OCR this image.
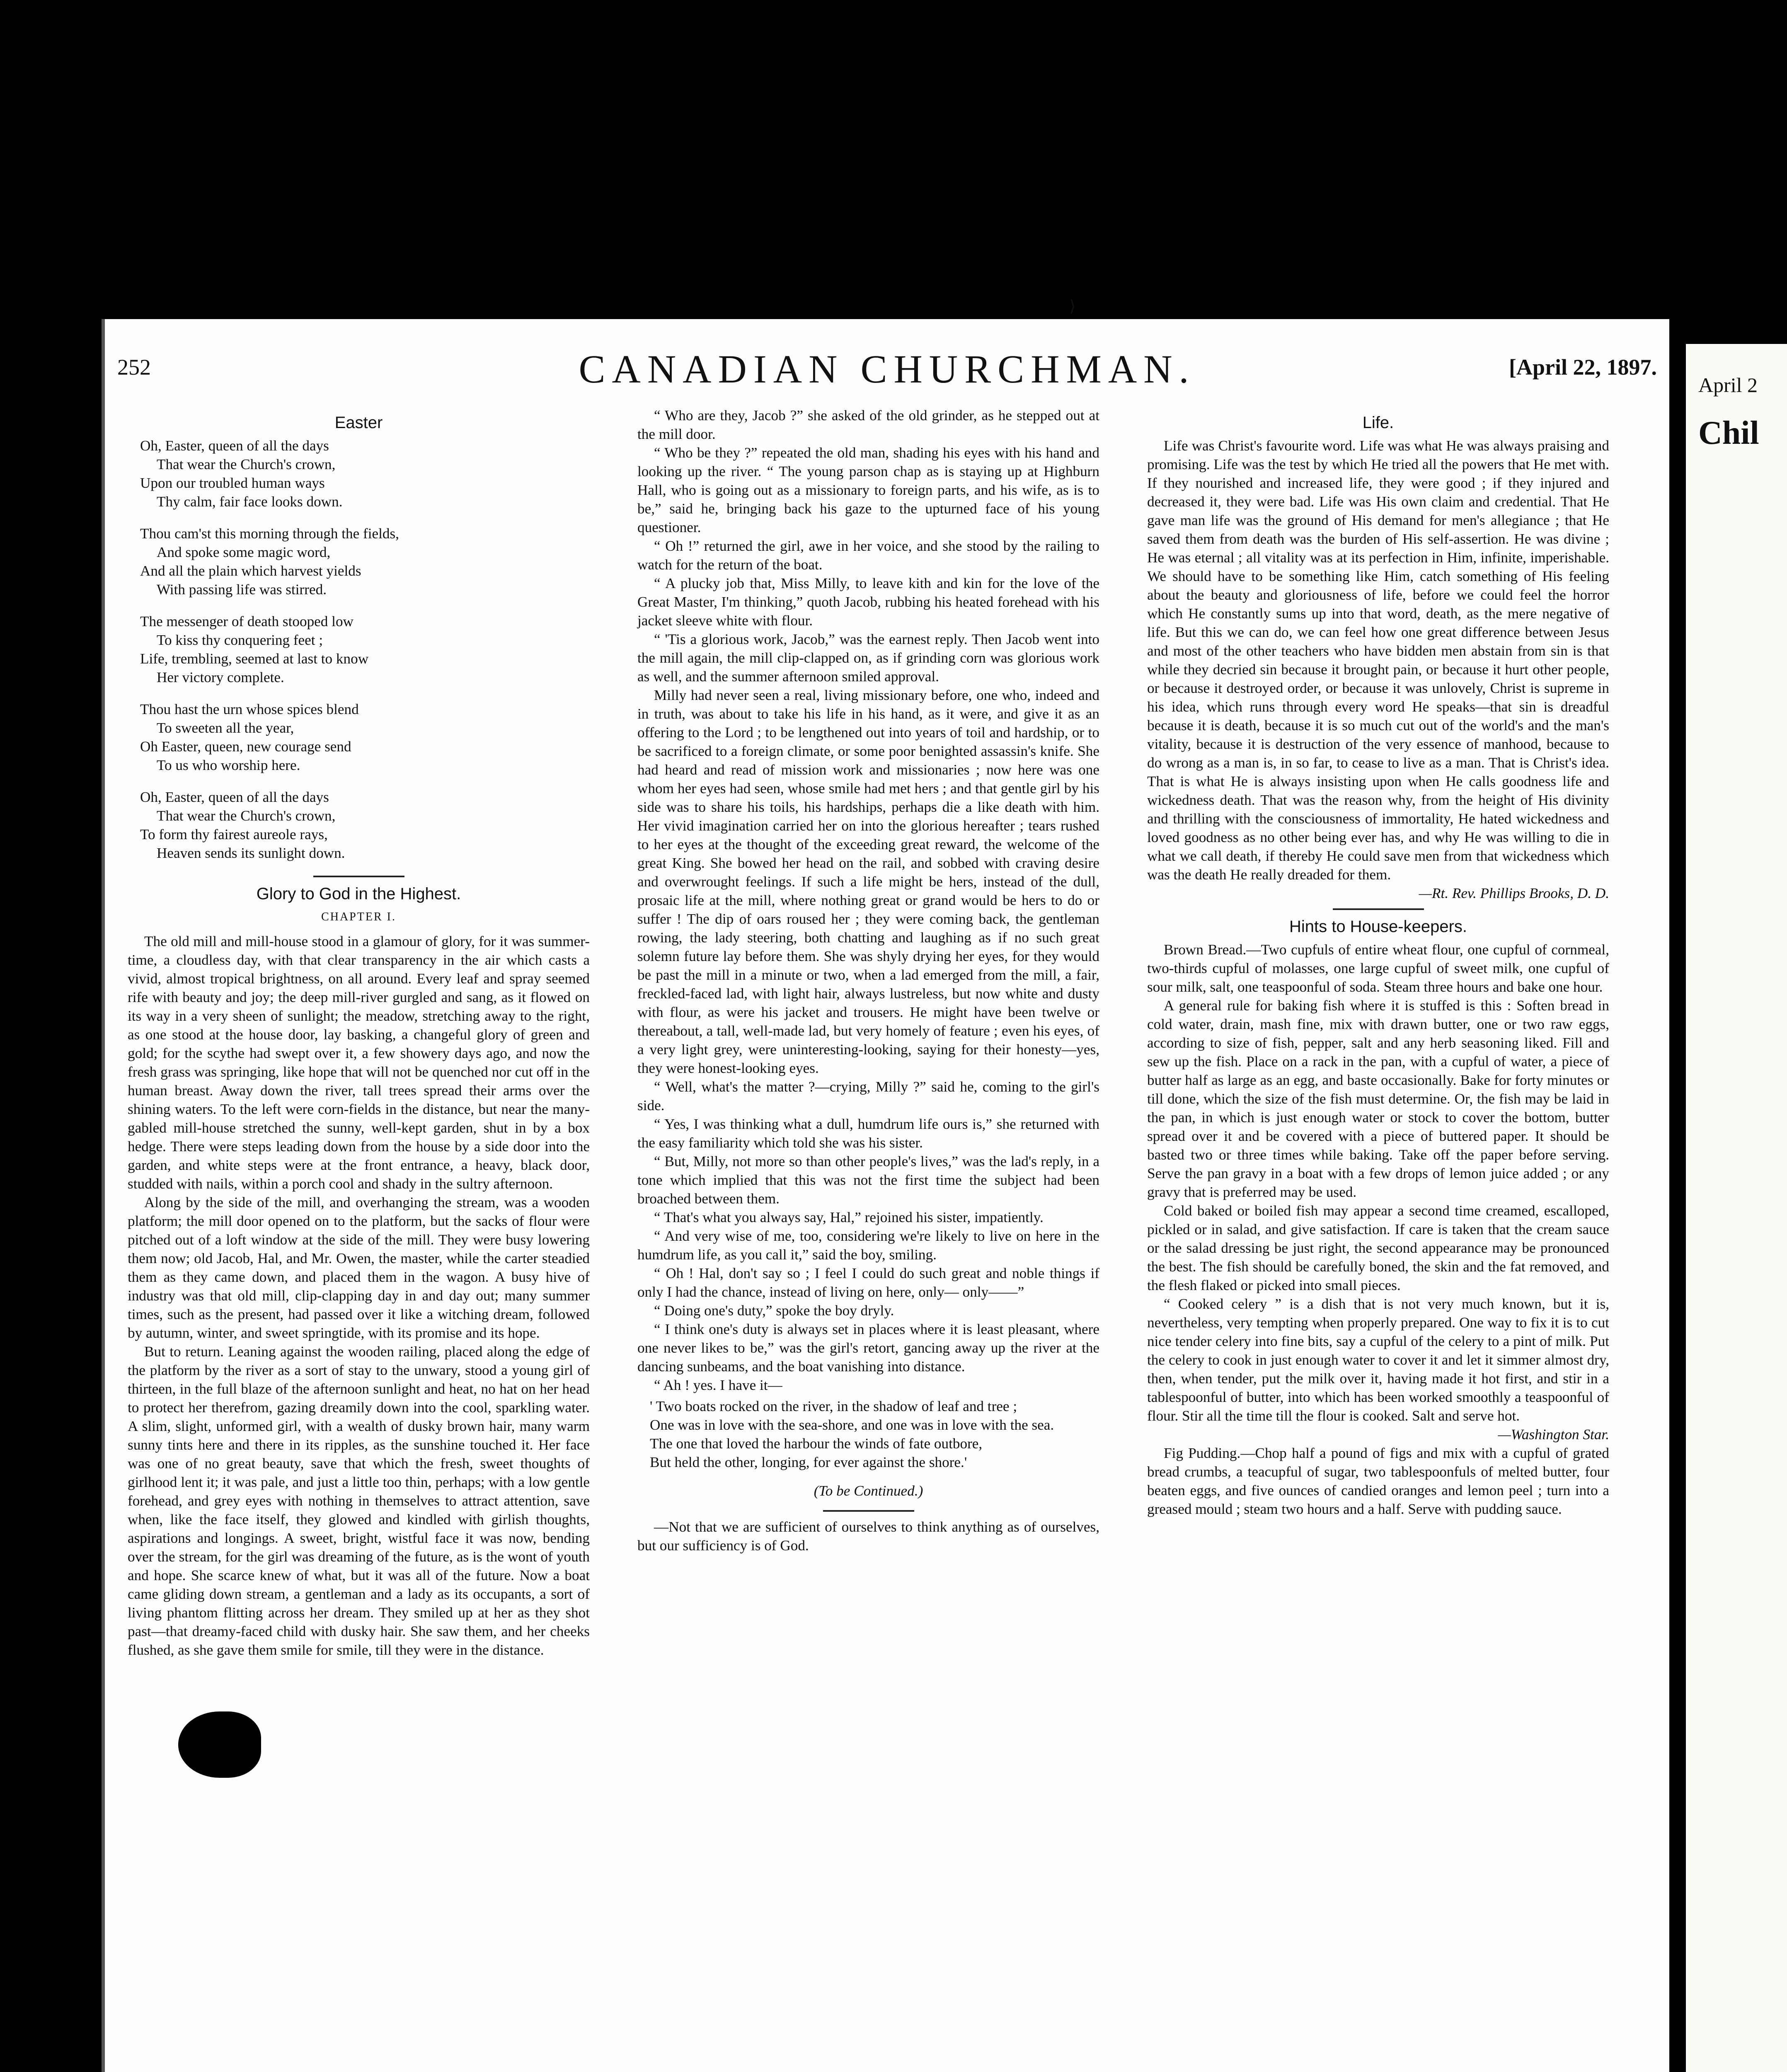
⟩
252	CANADIAN CHURCHMAN.	[April 22, 1897.
Easter
Oh, Easter, queen of all the days
That wear the Church's crown,
Upon our troubled human ways
Thy calm, fair face looks down.
Thou cam'st this morning through the fields,
And spoke some magic word,
And all the plain which harvest yields
With passing life was stirred.
The messenger of death stooped low
To kiss thy conquering feet ;
Life, trembling, seemed at last to know
Her victory complete.
Thou hast the urn whose spices blend
To sweeten all the year,
Oh Easter, queen, new courage send
To us who worship here.
Oh, Easter, queen of all the days
That wear the Church's crown,
To form thy fairest aureole rays,
Heaven sends its sunlight down.
Glory to God in the Highest.
CHAPTER I.

The old mill and mill-house stood in a glamour of glory, for it was summer-time, a cloudless day, with that clear transparency in the air which casts a vivid, almost tropical brightness, on all around. Every leaf and spray seemed rife with beauty and joy; the deep mill-river gurgled and sang, as it flowed on its way in a very sheen of sunlight; the meadow, stretching away to the right, as one stood at the house door, lay basking, a changeful glory of green and gold; for the scythe had swept over it, a few showery days ago, and now the fresh grass was springing, like hope that will not be quenched nor cut off in the human breast. Away down the river, tall trees spread their arms over the shining waters. To the left were corn-fields in the distance, but near the many-gabled mill-house stretched the sunny, well-kept garden, shut in by a box hedge. There were steps leading down from the house by a side door into the garden, and white steps were at the front entrance, a heavy, black door, studded with nails, within a porch cool and shady in the sultry afternoon.

Along by the side of the mill, and overhanging the stream, was a wooden platform; the mill door opened on to the platform, but the sacks of flour were pitched out of a loft window at the side of the mill. They were busy lowering them now; old Jacob, Hal, and Mr. Owen, the master, while the carter steadied them as they came down, and placed them in the wagon. A busy hive of industry was that old mill, clip-clapping day in and day out; many summer times, such as the present, had passed over it like a witching dream, followed by autumn, winter, and sweet springtide, with its promise and its hope.

But to return. Leaning against the wooden railing, placed along the edge of the platform by the river as a sort of stay to the unwary, stood a young girl of thirteen, in the full blaze of the afternoon sunlight and heat, no hat on her head to protect her therefrom, gazing dreamily down into the cool, sparkling water. A slim, slight, unformed girl, with a wealth of dusky brown hair, many warm sunny tints here and there in its ripples, as the sunshine touched it. Her face was one of no great beauty, save that which the fresh, sweet thoughts of girlhood lent it; it was pale, and just a little too thin, perhaps; with a low gentle forehead, and grey eyes with nothing in themselves to attract attention, save when, like the face itself, they glowed and kindled with girlish thoughts, aspirations and longings. A sweet, bright, wistful face it was now, bending over the stream, for the girl was dreaming of the future, as is the wont of youth and hope. She scarce knew of what, but it was all of the future. Now a boat came gliding down stream, a gentleman and a lady as its occupants, a sort of living phantom flitting across her dream. They smiled up at her as they shot past—that dreamy-faced child with dusky hair. She saw them, and her cheeks flushed, as she gave them smile for smile, till they were in the distance.

“ Who are they, Jacob ?” she asked of the old grinder, as he stepped out at the mill door.

“ Who be they ?” repeated the old man, shading his eyes with his hand and looking up the river. “ The young parson chap as is staying up at Highburn Hall, who is going out as a missionary to foreign parts, and his wife, as is to be,” said he, bringing back his gaze to the upturned face of his young questioner.

“ Oh !” returned the girl, awe in her voice, and she stood by the railing to watch for the return of the boat.

“ A plucky job that, Miss Milly, to leave kith and kin for the love of the Great Master, I'm thinking,” quoth Jacob, rubbing his heated forehead with his jacket sleeve white with flour.

“ 'Tis a glorious work, Jacob,” was the earnest reply. Then Jacob went into the mill again, the mill clip-clapped on, as if grinding corn was glorious work as well, and the summer afternoon smiled approval.

Milly had never seen a real, living missionary before, one who, indeed and in truth, was about to take his life in his hand, as it were, and give it as an offering to the Lord ; to be lengthened out into years of toil and hardship, or to be sacrificed to a foreign climate, or some poor benighted assassin's knife. She had heard and read of mission work and missionaries ; now here was one whom her eyes had seen, whose smile had met hers ; and that gentle girl by his side was to share his toils, his hardships, perhaps die a like death with him. Her vivid imagination carried her on into the glorious hereafter ; tears rushed to her eyes at the thought of the exceeding great reward, the welcome of the great King. She bowed her head on the rail, and sobbed with craving desire and overwrought feelings. If such a life might be hers, instead of the dull, prosaic life at the mill, where nothing great or grand would be hers to do or suffer ! The dip of oars roused her ; they were coming back, the gentleman rowing, the lady steering, both chatting and laughing as if no such great solemn future lay before them. She was shyly drying her eyes, for they would be past the mill in a minute or two, when a lad emerged from the mill, a fair, freckled-faced lad, with light hair, always lustreless, but now white and dusty with flour, as were his jacket and trousers. He might have been twelve or thereabout, a tall, well-made lad, but very homely of feature ; even his eyes, of a very light grey, were uninteresting-looking, saying for their honesty—yes, they were honest-looking eyes.

“ Well, what's the matter ?—crying, Milly ?” said he, coming to the girl's side.

“ Yes, I was thinking what a dull, humdrum life ours is,” she returned with the easy familiarity which told she was his sister.

“ But, Milly, not more so than other people's lives,” was the lad's reply, in a tone which implied that this was not the first time the subject had been broached between them.

“ That's what you always say, Hal,” rejoined his sister, impatiently.

“ And very wise of me, too, considering we're likely to live on here in the humdrum life, as you call it,” said the boy, smiling.

“ Oh ! Hal, don't say so ; I feel I could do such great and noble things if only I had the chance, instead of living on here, only— only——”

“ Doing one's duty,” spoke the boy dryly.

“ I think one's duty is always set in places where it is least pleasant, where one never likes to be,” was the girl's retort, gancing away up the river at the dancing sunbeams, and the boat vanishing into distance.

“ Ah ! yes. I have it—

' Two boats rocked on the river, in the shadow of leaf and tree ;
One was in love with the sea-shore, and one was in love with the sea.
The one that loved the harbour the winds of fate outbore,
But held the other, longing, for ever against the shore.'
(To be Continued.)

—Not that we are sufficient of ourselves to think anything as of ourselves, but our sufficiency is of God.

Life.

Life was Christ's favourite word. Life was what He was always praising and promising. Life was the test by which He tried all the powers that He met with. If they nourished and increased life, they were good ; if they injured and decreased it, they were bad. Life was His own claim and credential. That He gave man life was the ground of His demand for men's allegiance ; that He saved them from death was the burden of His self-assertion. He was divine ; He was eternal ; all vitality was at its perfection in Him, infinite, imperishable. We should have to be something like Him, catch something of His feeling about the beauty and gloriousness of life, before we could feel the horror which He constantly sums up into that word, death, as the mere negative of life. But this we can do, we can feel how one great difference between Jesus and most of the other teachers who have bidden men abstain from sin is that while they decried sin because it brought pain, or because it hurt other people, or because it destroyed order, or because it was unlovely, Christ is supreme in his idea, which runs through every word He speaks—that sin is dreadful because it is death, because it is so much cut out of the world's and the man's vitality, because it is destruction of the very essence of manhood, because to do wrong as a man is, in so far, to cease to live as a man. That is Christ's idea. That is what He is always insisting upon when He calls goodness life and wickedness death. That was the reason why, from the height of His divinity and thrilling with the consciousness of immortality, He hated wickedness and loved goodness as no other being ever has, and why He was willing to die in what we call death, if thereby He could save men from that wickedness which was the death He really dreaded for them.

—Rt. Rev. Phillips Brooks, D. D.
Hints to House-keepers.

Brown Bread.—Two cupfuls of entire wheat flour, one cupful of cornmeal, two-thirds cupful of molasses, one large cupful of sweet milk, one cupful of sour milk, salt, one teaspoonful of soda. Steam three hours and bake one hour.

A general rule for baking fish where it is stuffed is this : Soften bread in cold water, drain, mash fine, mix with drawn butter, one or two raw eggs, according to size of fish, pepper, salt and any herb seasoning liked. Fill and sew up the fish. Place on a rack in the pan, with a cupful of water, a piece of butter half as large as an egg, and baste occasionally. Bake for forty minutes or till done, which the size of the fish must determine. Or, the fish may be laid in the pan, in which is just enough water or stock to cover the bottom, butter spread over it and be covered with a piece of buttered paper. It should be basted two or three times while baking. Take off the paper before serving. Serve the pan gravy in a boat with a few drops of lemon juice added ; or any gravy that is preferred may be used.

Cold baked or boiled fish may appear a second time creamed, escalloped, pickled or in salad, and give satisfaction. If care is taken that the cream sauce or the salad dressing be just right, the second appearance may be pronounced the best. The fish should be carefully boned, the skin and the fat removed, and the flesh flaked or picked into small pieces.

“ Cooked celery ” is a dish that is not very much known, but it is, nevertheless, very tempting when properly prepared. One way to fix it is to cut nice tender celery into fine bits, say a cupful of the celery to a pint of milk. Put the celery to cook in just enough water to cover it and let it simmer almost dry, then, when tender, put the milk over it, having made it hot first, and stir in a tablespoonful of butter, into which has been worked smoothly a teaspoonful of flour. Stir all the time till the flour is cooked. Salt and serve hot.

—Washington Star.

Fig Pudding.—Chop half a pound of figs and mix with a cupful of grated bread crumbs, a teacupful of sugar, two tablespoonfuls of melted butter, four beaten eggs, and five ounces of candied oranges and lemon peel ; turn into a greased mould ; steam two hours and a half. Serve with pudding sauce.

April 2
Chil
